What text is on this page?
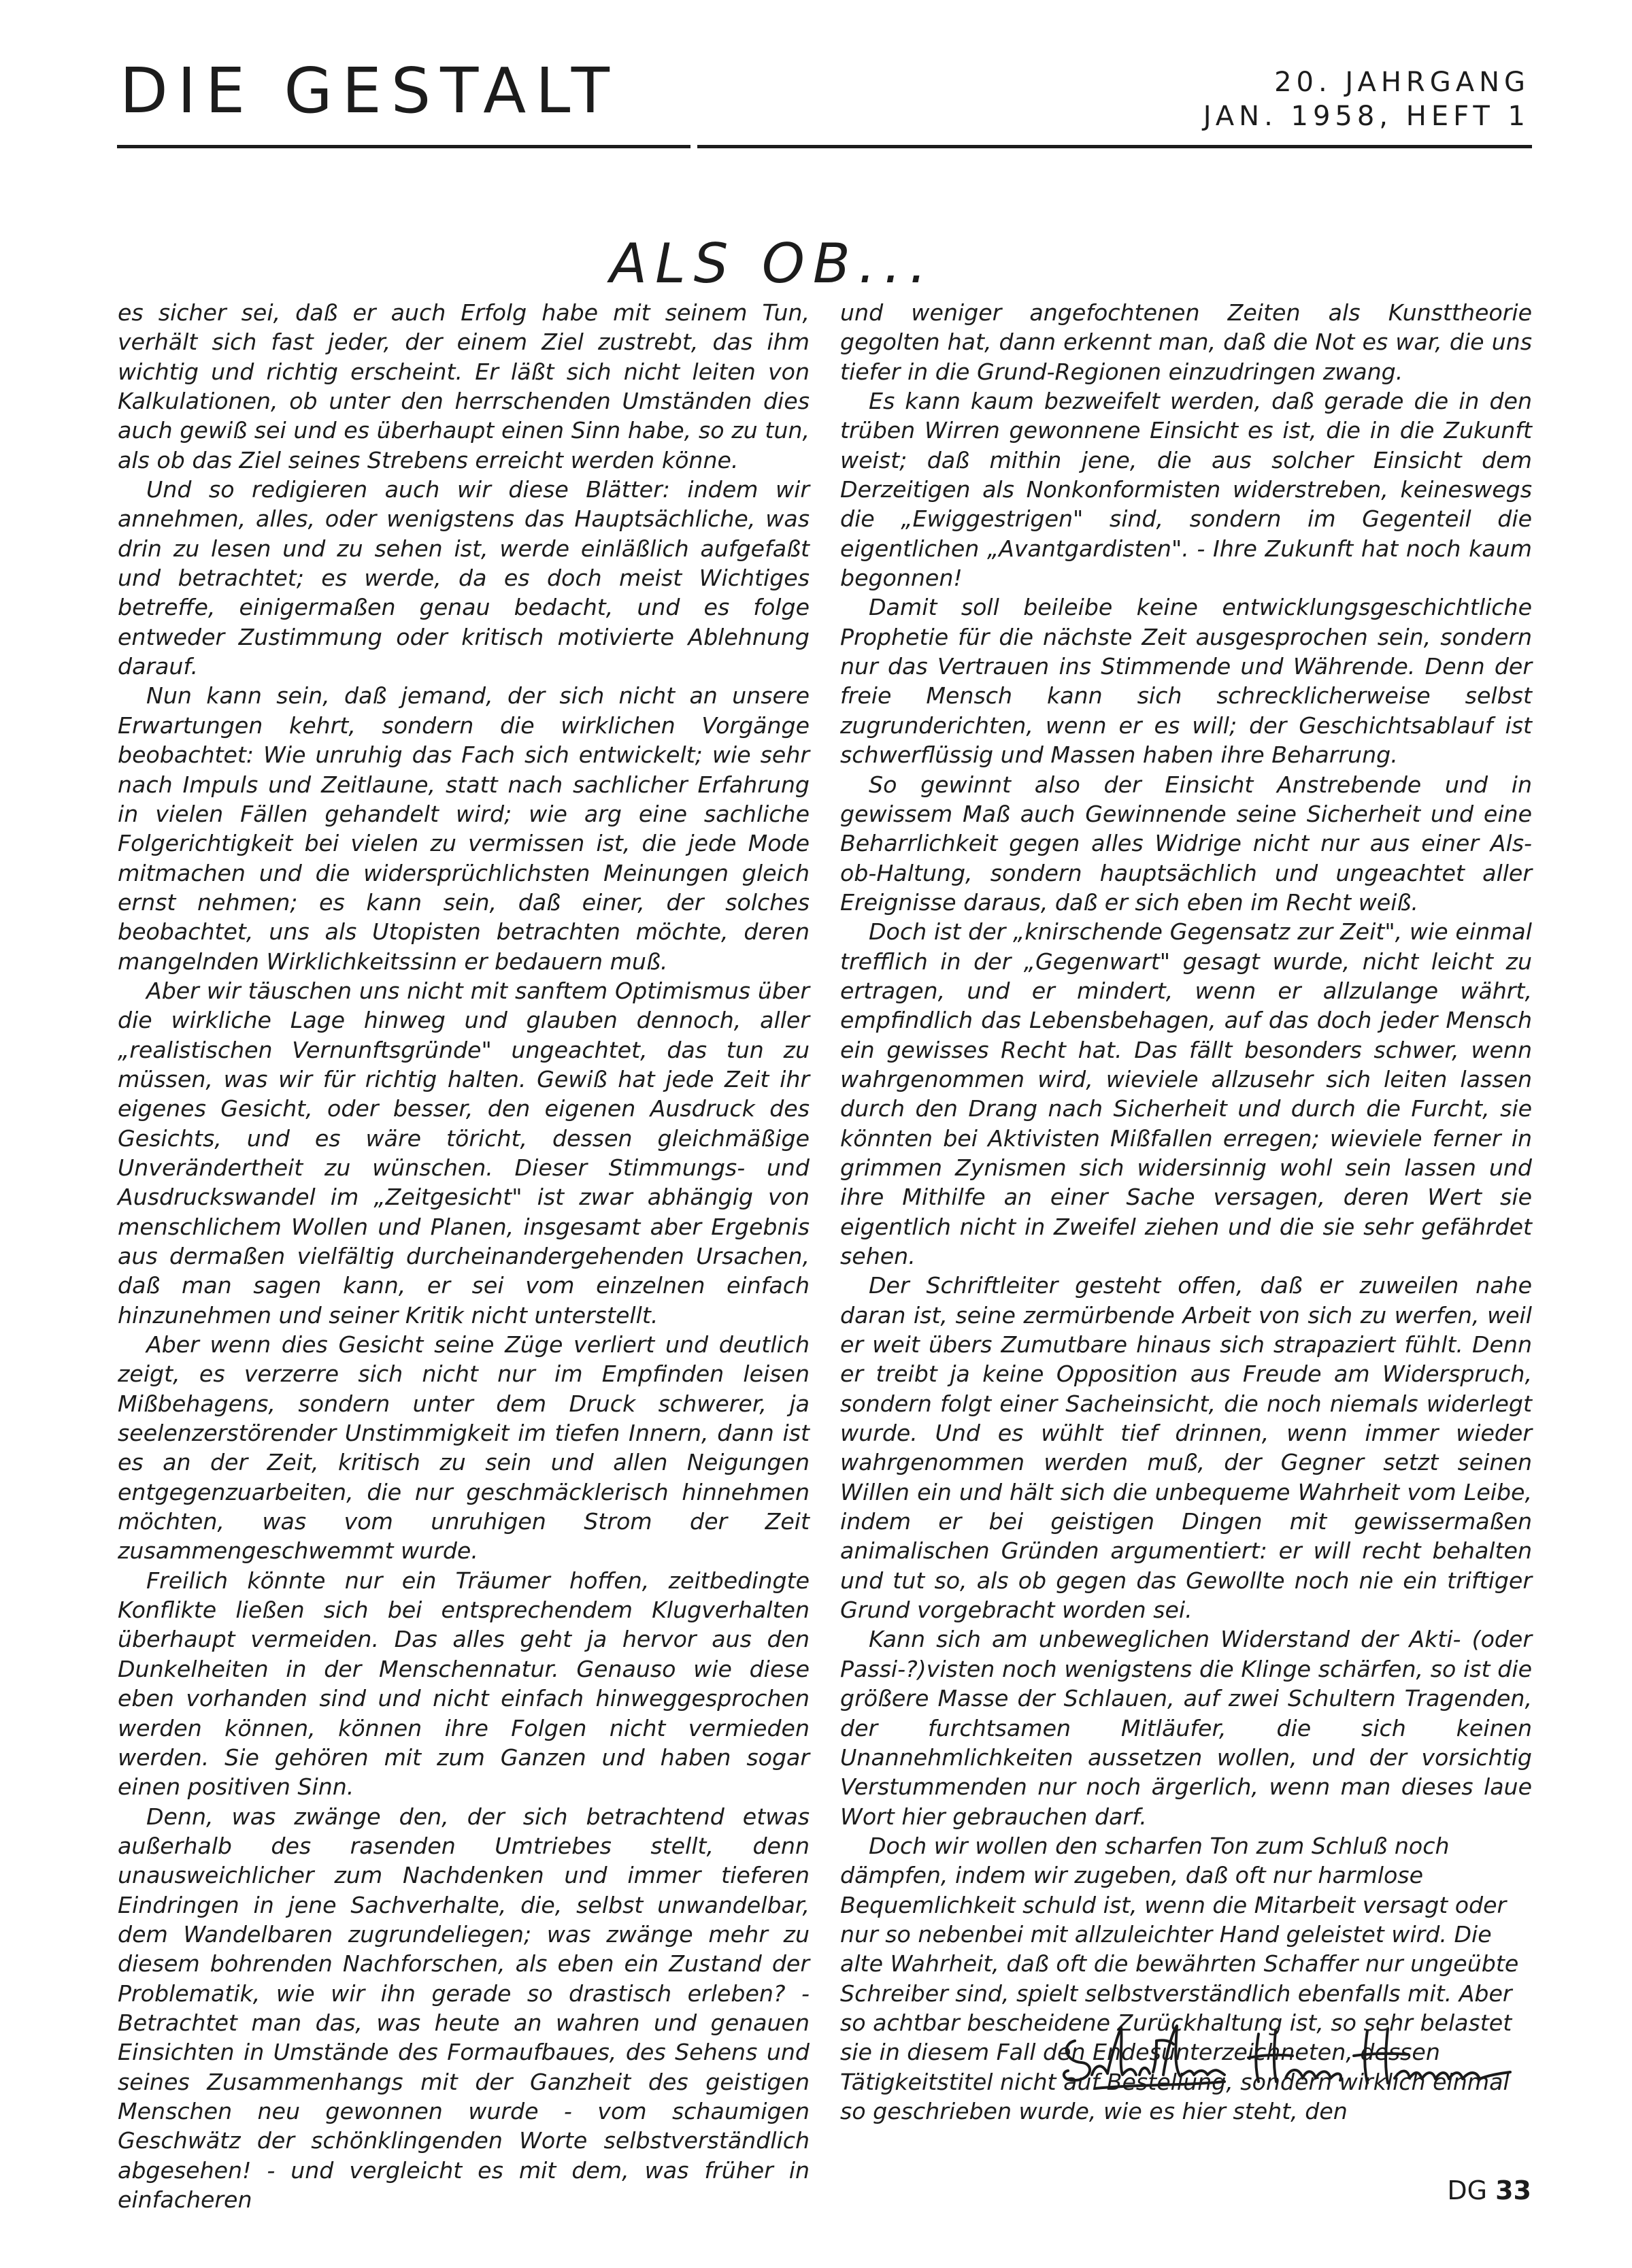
DIE GESTALT	20. JAHRGANG
JAN. 1958, HEFT 1
ALS OB...

es sicher sei, daß er auch Erfolg habe mit seinem Tun, verhält sich fast jeder, der einem Ziel zustrebt, das ihm wichtig und richtig erscheint. Er läßt sich nicht leiten von Kalkulationen, ob unter den herrschenden Umständen dies auch gewiß sei und es überhaupt einen Sinn habe, so zu tun, als ob das Ziel seines Strebens erreicht werden könne.

Und so redigieren auch wir diese Blätter: indem wir annehmen, alles, oder wenigstens das Hauptsächliche, was drin zu lesen und zu sehen ist, werde einläßlich aufgefaßt und betrachtet; es werde, da es doch meist Wichtiges betreffe, einigermaßen genau bedacht, und es folge entweder Zustimmung oder kritisch motivierte Ablehnung darauf.

Nun kann sein, daß jemand, der sich nicht an unsere Erwartungen kehrt, sondern die wirklichen Vorgänge beobachtet: Wie unruhig das Fach sich entwickelt; wie sehr nach Impuls und Zeitlaune, statt nach sachlicher Erfahrung in vielen Fällen gehandelt wird; wie arg eine sachliche Folgerichtigkeit bei vielen zu vermissen ist, die jede Mode mitmachen und die widersprüchlichsten Meinungen gleich ernst nehmen; es kann sein, daß einer, der solches beobachtet, uns als Utopisten betrachten möchte, deren mangelnden Wirklichkeitssinn er bedauern muß.

Aber wir täuschen uns nicht mit sanftem Optimismus über die wirkliche Lage hinweg und glauben dennoch, aller „realistischen Vernunftsgründe" ungeachtet, das tun zu müssen, was wir für richtig halten. Gewiß hat jede Zeit ihr eigenes Gesicht, oder besser, den eigenen Ausdruck des Gesichts, und es wäre töricht, dessen gleichmäßige Unverändertheit zu wünschen. Dieser Stimmungs- und Ausdruckswandel im „Zeitgesicht" ist zwar abhängig von menschlichem Wollen und Planen, insgesamt aber Ergebnis aus dermaßen vielfältig durcheinandergehenden Ursachen, daß man sagen kann, er sei vom einzelnen einfach hinzunehmen und seiner Kritik nicht unterstellt.

Aber wenn dies Gesicht seine Züge verliert und deutlich zeigt, es verzerre sich nicht nur im Empfinden leisen Mißbehagens, sondern unter dem Druck schwerer, ja seelenzerstörender Unstimmigkeit im tiefen Innern, dann ist es an der Zeit, kritisch zu sein und allen Neigungen entgegenzuarbeiten, die nur geschmäcklerisch hinnehmen möchten, was vom unruhigen Strom der Zeit zusammengeschwemmt wurde.

Freilich könnte nur ein Träumer hoffen, zeitbedingte Konflikte ließen sich bei entsprechendem Klugverhalten überhaupt vermeiden. Das alles geht ja hervor aus den Dunkelheiten in der Menschennatur. Genauso wie diese eben vorhanden sind und nicht einfach hinweggesprochen werden können, können ihre Folgen nicht vermieden werden. Sie gehören mit zum Ganzen und haben sogar einen positiven Sinn.

Denn, was zwänge den, der sich betrachtend etwas außerhalb des rasenden Umtriebes stellt, denn unausweichlicher zum Nachdenken und immer tieferen Eindringen in jene Sachverhalte, die, selbst unwandelbar, dem Wandelbaren zugrundeliegen; was zwänge mehr zu diesem bohrenden Nachforschen, als eben ein Zustand der Problematik, wie wir ihn gerade so drastisch erleben? - Betrachtet man das, was heute an wahren und genauen Einsichten in Umstände des Formaufbaues, des Sehens und seines Zusammenhangs mit der Ganzheit des geistigen Menschen neu gewonnen wurde - vom schaumigen Geschwätz der schönklingenden Worte selbstverständlich abgesehen! - und vergleicht es mit dem, was früher in einfacheren

und weniger angefochtenen Zeiten als Kunsttheorie gegolten hat, dann erkennt man, daß die Not es war, die uns tiefer in die Grund-Regionen einzudringen zwang.

Es kann kaum bezweifelt werden, daß gerade die in den trüben Wirren gewonnene Einsicht es ist, die in die Zukunft weist; daß mithin jene, die aus solcher Einsicht dem Derzeitigen als Nonkonformisten widerstreben, keineswegs die „Ewiggestrigen" sind, sondern im Gegenteil die eigentlichen „Avantgardisten". - Ihre Zukunft hat noch kaum begonnen!

Damit soll beileibe keine entwicklungsgeschichtliche Prophetie für die nächste Zeit ausgesprochen sein, sondern nur das Vertrauen ins Stimmende und Währende. Denn der freie Mensch kann sich schrecklicherweise selbst zugrunderichten, wenn er es will; der Geschichtsablauf ist schwerflüssig und Massen haben ihre Beharrung.

So gewinnt also der Einsicht Anstrebende und in gewissem Maß auch Gewinnende seine Sicherheit und eine Beharrlichkeit gegen alles Widrige nicht nur aus einer Als-ob-Haltung, sondern hauptsächlich und ungeachtet aller Ereignisse daraus, daß er sich eben im Recht weiß.

Doch ist der „knirschende Gegensatz zur Zeit", wie einmal trefflich in der „Gegenwart" gesagt wurde, nicht leicht zu ertragen, und er mindert, wenn er allzulange währt, empfindlich das Lebensbehagen, auf das doch jeder Mensch ein gewisses Recht hat. Das fällt besonders schwer, wenn wahrgenommen wird, wieviele allzusehr sich leiten lassen durch den Drang nach Sicherheit und durch die Furcht, sie könnten bei Aktivisten Mißfallen erregen; wieviele ferner in grimmen Zynismen sich widersinnig wohl sein lassen und ihre Mithilfe an einer Sache versagen, deren Wert sie eigentlich nicht in Zweifel ziehen und die sie sehr gefährdet sehen.

Der Schriftleiter gesteht offen, daß er zuweilen nahe daran ist, seine zermürbende Arbeit von sich zu werfen, weil er weit übers Zumutbare hinaus sich strapaziert fühlt. Denn er treibt ja keine Opposition aus Freude am Widerspruch, sondern folgt einer Sacheinsicht, die noch niemals widerlegt wurde. Und es wühlt tief drinnen, wenn immer wieder wahrgenommen werden muß, der Gegner setzt seinen Willen ein und hält sich die unbequeme Wahrheit vom Leibe, indem er bei geistigen Dingen mit gewissermaßen animalischen Gründen argumentiert: er will recht behalten und tut so, als ob gegen das Gewollte noch nie ein triftiger Grund vorgebracht worden sei.

Kann sich am unbeweglichen Widerstand der Akti- (oder Passi-?)visten noch wenigstens die Klinge schärfen, so ist die größere Masse der Schlauen, auf zwei Schultern Tragenden, der furchtsamen Mitläufer, die sich keinen Unannehmlichkeiten aussetzen wollen, und der vorsichtig Verstummenden nur noch ärgerlich, wenn man dieses laue Wort hier gebrauchen darf.

Doch wir wollen den scharfen Ton zum Schluß noch dämpfen, indem wir zugeben, daß oft nur harmlose Bequemlichkeit schuld ist, wenn die Mitarbeit versagt oder nur so nebenbei mit allzuleichter Hand geleistet wird. Die alte Wahrheit, daß oft die bewährten Schaffer nur ungeübte Schreiber sind, spielt selbstverständlich ebenfalls mit. Aber so achtbar bescheidene Zurückhaltung ist, so sehr belastet sie in diesem Fall den Endesunterzeichneten, dessen Tätigkeitstitel nicht auf Bestellung, sondern wirklich einmal so geschrieben wurde, wie es hier steht, den

DG 33
